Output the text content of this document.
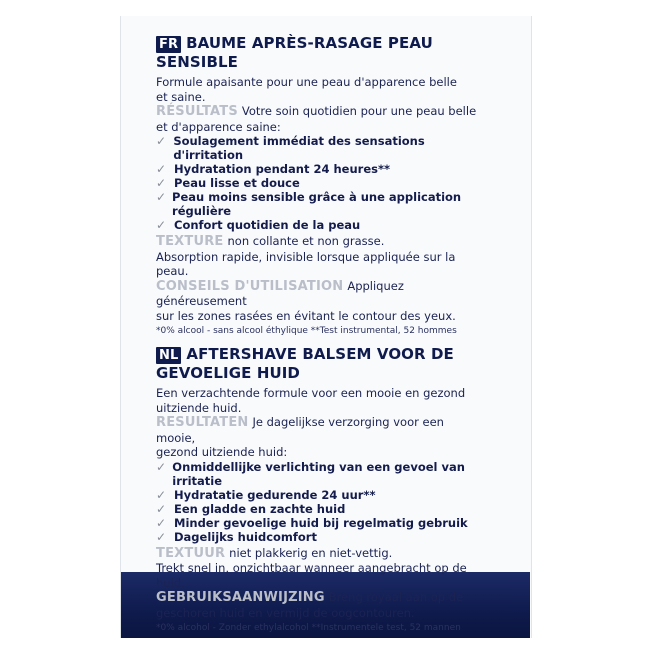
FR BAUME APRÈS-RASAGE PEAU
SENSIBLE
Formule apaisante pour une peau d'apparence belle
et saine.
RÉSULTATS Votre soin quotidien pour une peau belle
et d'apparence saine:
✓ Soulagement immédiat des sensations d'irritation
✓ Hydratation pendant 24 heures**
✓ Peau lisse et douce
✓ Peau moins sensible grâce à une application régulière
✓ Confort quotidien de la peau
TEXTURE non collante et non grasse.
Absorption rapide, invisible lorsque appliquée sur la peau.
CONSEILS D'UTILISATION Appliquez généreusement
sur les zones rasées en évitant le contour des yeux.
*0% alcool - sans alcool éthylique **Test instrumental, 52 hommes
NL AFTERSHAVE BALSEM VOOR DE
GEVOELIGE HUID
Een verzachtende formule voor een mooie en gezond
uitziende huid.
RESULTATEN Je dagelijkse verzorging voor een mooie,
gezond uitziende huid:
✓ Onmiddellijke verlichting van een gevoel van irritatie
✓ Hydratatie gedurende 24 uur**
✓ Een gladde en zachte huid
✓ Minder gevoelige huid bij regelmatig gebruik
✓ Dagelijks huidcomfort
TEXTUUR niet plakkerig en niet-vettig.
Trekt snel in, onzichtbaar wanneer aangebracht op de huid.
GEBRUIKSAANWIJZING Breng royaal aan op de
geschoren huid en vermijd de oogcontouren.
*0% alcohol - Zonder ethylalcohol **Instrumentele test, 52 mannen
